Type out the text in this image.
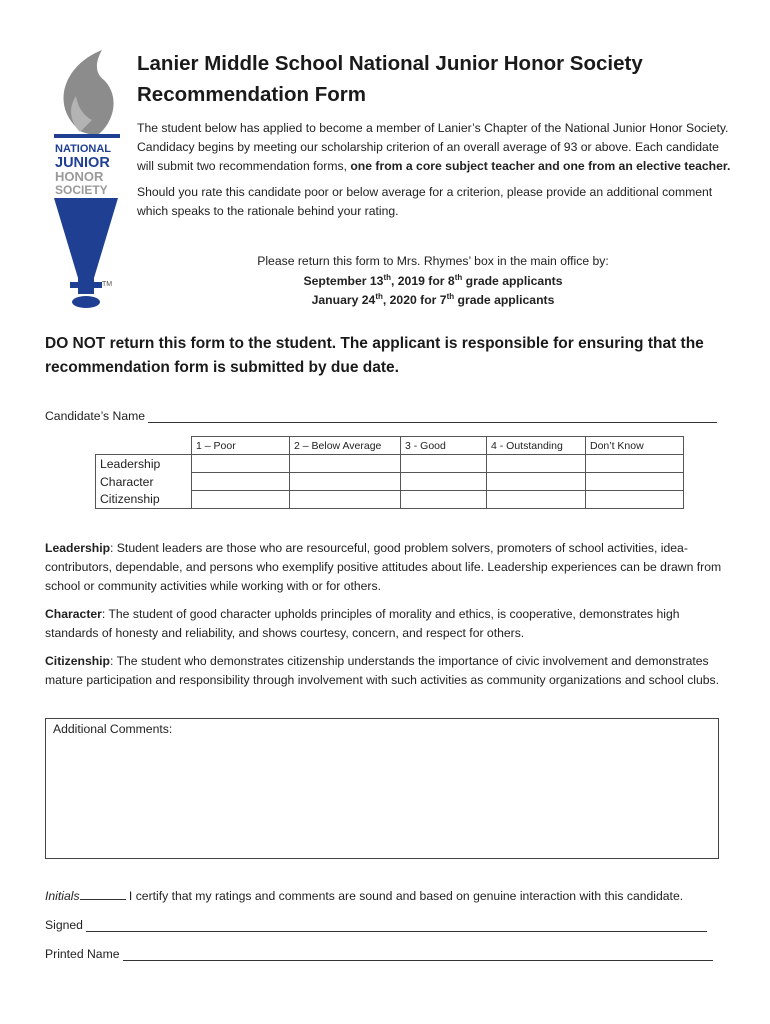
NATIONAL
JUNIOR
HONOR
SOCIETY
TM
Lanier Middle School National Junior Honor Society
Recommendation Form

The student below has applied to become a member of Lanier’s Chapter of the National Junior Honor Society. Candidacy begins by meeting our scholarship criterion of an overall average of 93 or above. Each candidate will submit two recommendation forms, one from a core subject teacher and one from an elective teacher.

Should you rate this candidate poor or below average for a criterion, please provide an additional comment which speaks to the rationale behind your rating.

Please return this form to Mrs. Rhymes’ box in the main office by:
September 13th, 2019 for 8th grade applicants
January 24th, 2020 for 7th grade applicants
DO NOT return this form to the student. The applicant is responsible for ensuring that the recommendation form is submitted by due date.
Candidate’s Name
	1 – Poor	2 – Below Average	3 - Good	4 - Outstanding	Don’t Know
Leadership					
Character					
Citizenship					

Leadership: Student leaders are those who are resourceful, good problem solvers, promoters of school activities, idea-contributors, dependable, and persons who exemplify positive attitudes about life. Leadership experiences can be drawn from school or community activities while working with or for others.

Character: The student of good character upholds principles of morality and ethics, is cooperative, demonstrates high standards of honesty and reliability, and shows courtesy, concern, and respect for others.

Citizenship: The student who demonstrates citizenship understands the importance of civic involvement and demonstrates mature participation and responsibility through involvement with such activities as community organizations and school clubs.

Additional Comments:
Initials	I certify that my ratings and comments are sound and based on genuine interaction with this candidate.
Signed
Printed Name
